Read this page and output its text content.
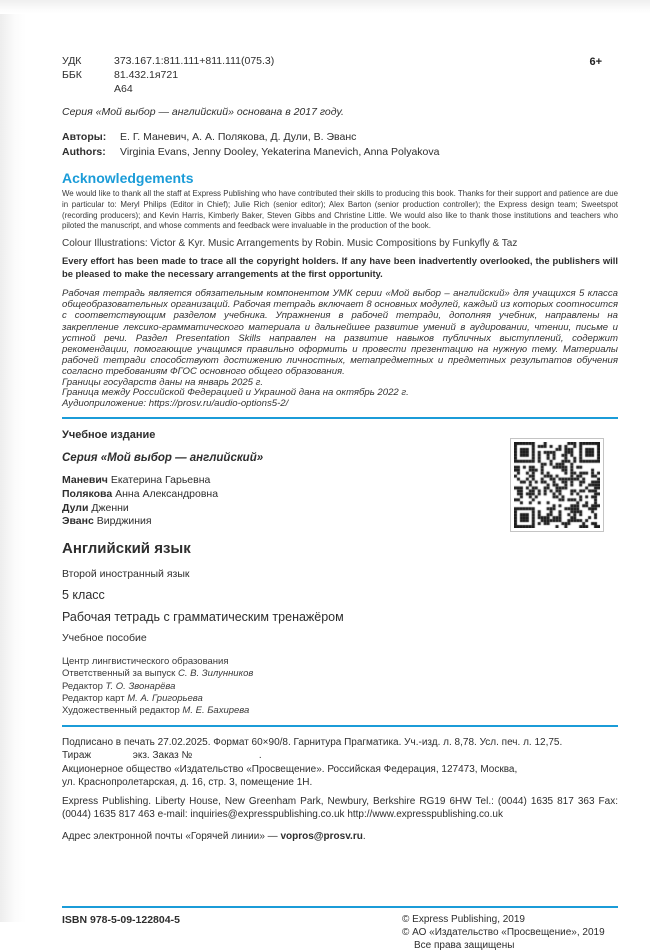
6+
УДК	373.167.1:811.111+811.111(075.3)
ББК	81.432.1я721
А64
Серия «Мой выбор — английский» основана в 2017 году.
Авторы:	Е. Г. Маневич, А. А. Полякова, Д. Дули, В. Эванс
Authors:	Virginia Evans, Jenny Dooley, Yekaterina Manevich, Anna Polyakova
Acknowledgements
We would like to thank all the staff at Express Publishing who have contributed their skills to producing this book. Thanks for their support and patience are due in particular to: Meryl Philips (Editor in Chief); Julie Rich (senior editor); Alex Barton (senior production controller); the Express design team; Sweetspot (recording producers); and Kevin Harris, Kimberly Baker, Steven Gibbs and Christine Little. We would also like to thank those institutions and teachers who piloted the manuscript, and whose comments and feedback were invaluable in the production of the book.
Colour Illustrations: Victor & Kyr. Music Arrangements by Robin. Music Compositions by Funkyfly & Taz
Every effort has been made to trace all the copyright holders. If any have been inadvertently overlooked, the publishers will be pleased to make the necessary arrangements at the first opportunity.
Рабочая тетрадь является обязательным компонентом УМК серии «Мой выбор – английский» для учащихся 5 класса общеобразовательных организаций. Рабочая тетрадь включает 8 основных модулей, каждый из которых соотносится с соответствующим разделом учебника. Упражнения в рабочей тетради, дополняя учебник, направлены на закрепление лексико-грамматического материала и дальнейшее развитие умений в аудировании, чтении, письме и устной речи. Раздел Presentation Skills направлен на развитие навыков публичных выступлений, содержит рекомендации, помогающие учащимся правильно оформить и провести презентацию на нужную тему. Материалы рабочей тетради способствуют достижению личностных, метапредметных и предметных результатов обучения согласно требованиям ФГОС основного общего образования.
Границы государств даны на январь 2025 г.
Граница между Российской Федерацией и Украиной дана на октябрь 2022 г.
Аудиоприложение: https://prosv.ru/audio-options5-2/
Учебное издание
Серия «Мой выбор — английский»
Маневич Екатерина Гарьевна
Полякова Анна Александровна
Дули Дженни
Эванс Вирджиния
Английский язык
Второй иностранный язык
5 класс
Рабочая тетрадь с грамматическим тренажёром
Учебное пособие
Центр лингвистического образования
Ответственный за выпуск С. В. Зилунников
Редактор Т. О. Звонарёва
Редактор карт М. А. Григорьева
Художественный редактор М. Е. Бахирева
Подписано в печать 27.02.2025. Формат 60×90/8. Гарнитура Прагматика. Уч.-изд. л. 8,78. Усл. печ. л. 12,75.
Тираж               экз. Заказ №                        .
Акционерное общество «Издательство «Просвещение». Российская Федерация, 127473, Москва,
ул. Краснопролетарская, д. 16, стр. 3, помещение 1Н.
Express Publishing. Liberty House, New Greenham Park, Newbury, Berkshire RG19 6HW Tel.: (0044) 1635 817 363 Fax: (0044) 1635 817 463 e-mail: inquiries@expresspublishing.co.uk http://www.expresspublishing.co.uk
Адрес электронной почты «Горячей линии» — vopros@prosv.ru.
ISBN 978-5-09-122804-5	© Express Publishing, 2019
© АО «Издательство «Просвещение», 2019
Все права защищены
